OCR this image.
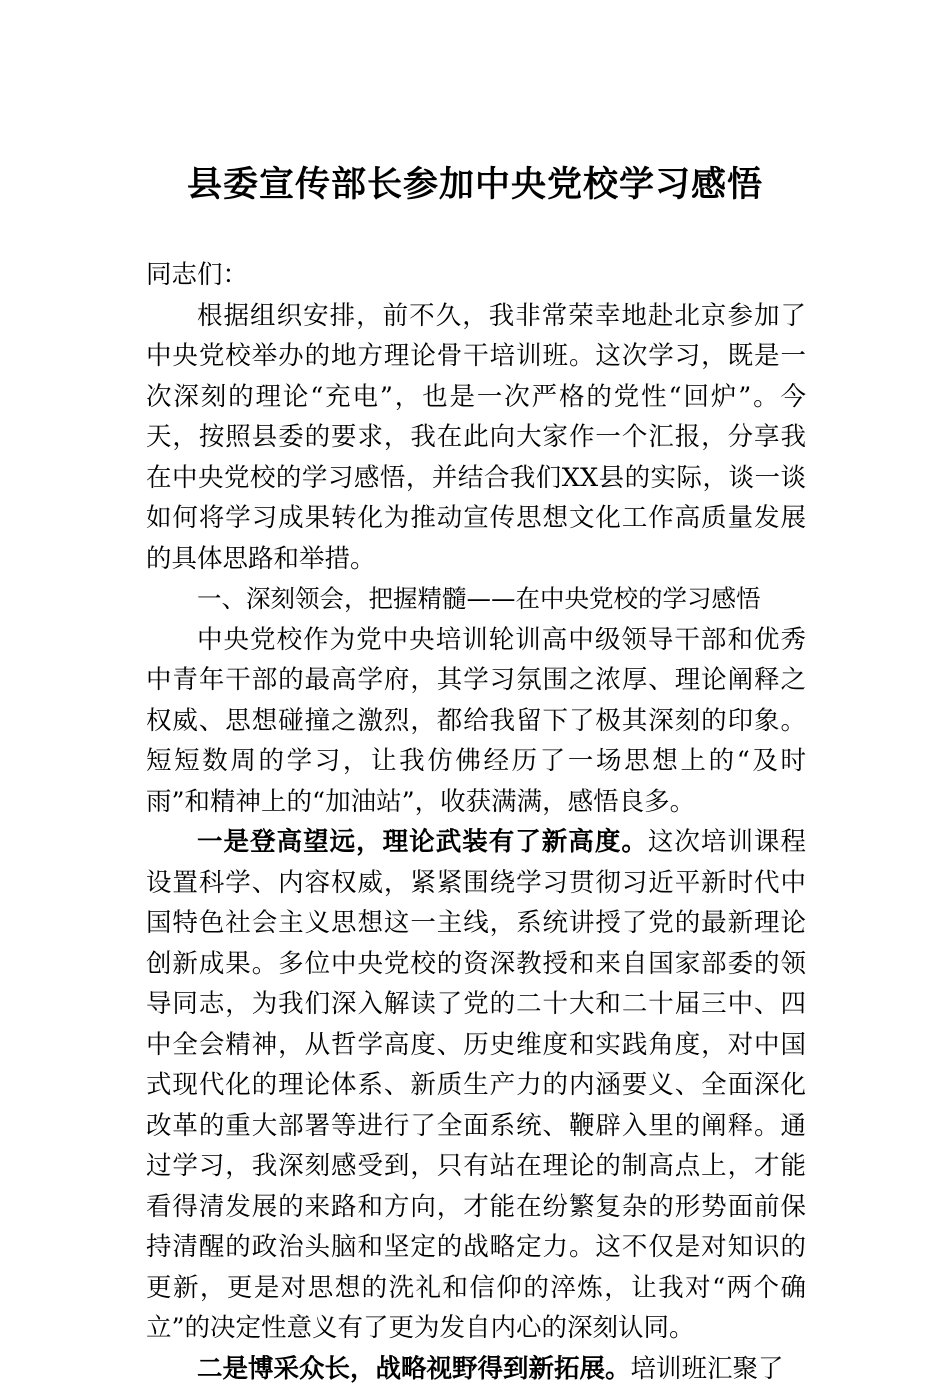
县委宣传部长参加中央党校学习感悟

同志们：

根据组织安排，前不久，我非常荣幸地赴北京参加了中央党校举办的地方理论骨干培训班。这次学习，既是一次深刻的理论“充电”，也是一次严格的党性“回炉”。今天，按照县委的要求，我在此向大家作一个汇报，分享我在中央党校的学习感悟，并结合我们XX县的实际，谈一谈如何将学习成果转化为推动宣传思想文化工作高质量发展的具体思路和举措。

一、深刻领会，把握精髓——在中央党校的学习感悟

中央党校作为党中央培训轮训高中级领导干部和优秀中青年干部的最高学府，其学习氛围之浓厚、理论阐释之权威、思想碰撞之激烈，都给我留下了极其深刻的印象。短短数周的学习，让我仿佛经历了一场思想上的“及时雨”和精神上的“加油站”，收获满满，感悟良多。

一是登高望远，理论武装有了新高度。这次培训课程设置科学、内容权威，紧紧围绕学习贯彻习近平新时代中国特色社会主义思想这一主线，系统讲授了党的最新理论创新成果。多位中央党校的资深教授和来自国家部委的领导同志，为我们深入解读了党的二十大和二十届三中、四中全会精神，从哲学高度、历史维度和实践角度，对中国式现代化的理论体系、新质生产力的内涵要义、全面深化改革的重大部署等进行了全面系统、鞭辟入里的阐释。通过学习，我深刻感受到，只有站在理论的制高点上，才能看得清发展的来路和方向，才能在纷繁复杂的形势面前保持清醒的政治头脑和坚定的战略定力。这不仅是对知识的更新，更是对思想的洗礼和信仰的淬炼，让我对“两个确立”的决定性意义有了更为发自内心的深刻认同。

二是博采众长，战略视野得到新拓展。培训班汇聚了
